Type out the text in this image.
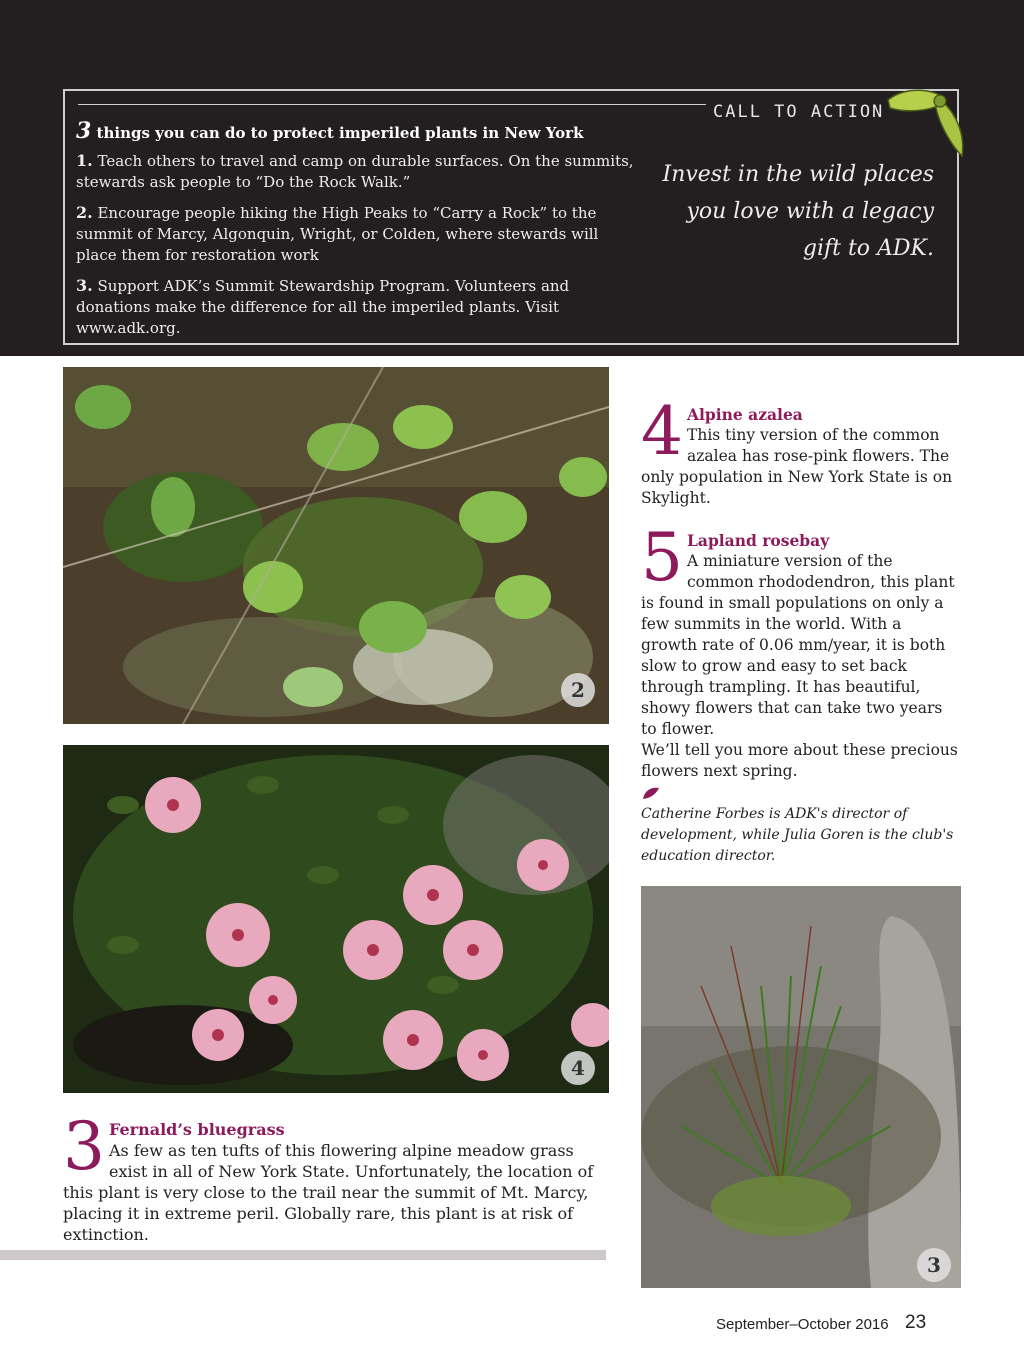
CALL TO ACTION
3 things you can do to protect imperiled plants in New York
1. Teach others to travel and camp on durable surfaces. On the summits, stewards ask people to “Do the Rock Walk.”
2. Encourage people hiking the High Peaks to “Carry a Rock” to the summit of Marcy, Algonquin, Wright, or Colden, where stewards will place them for restoration work
3. Support ADK’s Summit Stewardship Program. Volunteers and donations make the difference for all the imperiled plants. Visit www.adk.org.
Invest in the wild places you love with a legacy gift to ADK.
2
4
3
4 Alpine azalea
This tiny version of the common azalea has rose-pink flowers. The only population in New York State is on Skylight.
5 Lapland rosebay
A miniature version of the common rhododendron, this plant is found in small populations on only a few summits in the world. With a growth rate of 0.06 mm/year, it is both slow to grow and easy to set back through trampling. It has beautiful, showy flowers that can take two years to flower.
We’ll tell you more about these precious flowers next spring.
Catherine Forbes is ADK's director of development, while Julia Goren is the club's education director.
3 Fernald’s bluegrass
As few as ten tufts of this flowering alpine meadow grass exist in all of New York State. Unfortunately, the location of this plant is very close to the trail near the summit of Mt. Marcy, placing it in extreme peril. Globally rare, this plant is at risk of extinction.
September–October 2016 23
